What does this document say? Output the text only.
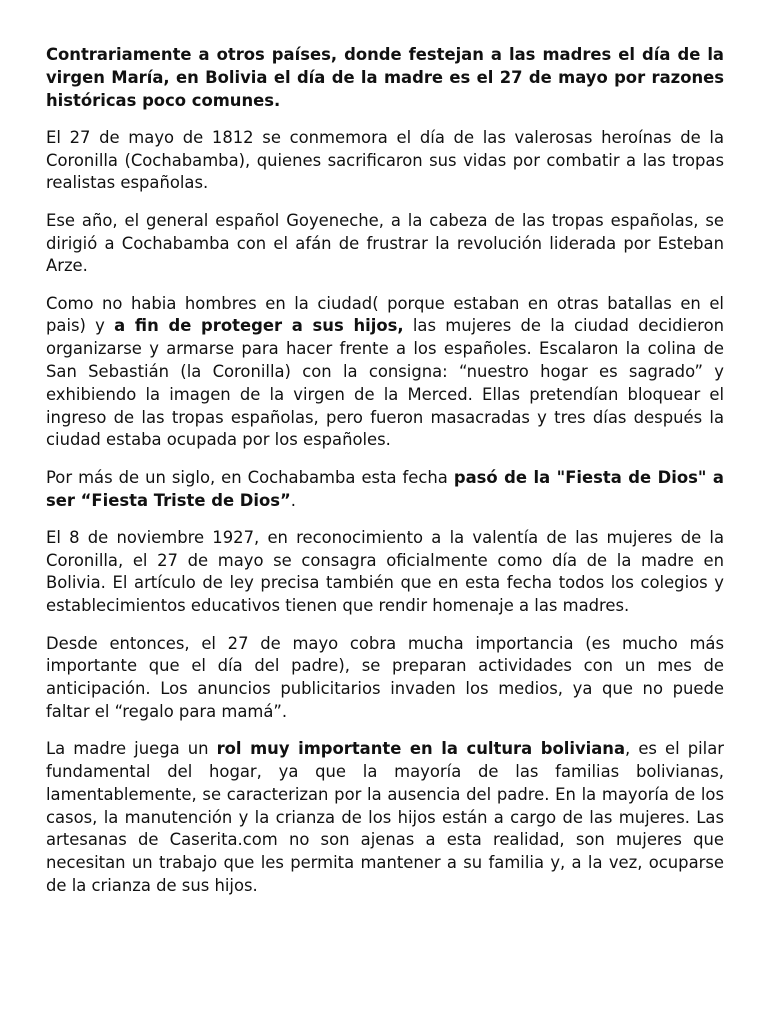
Contrariamente a otros países, donde festejan a las madres el día de la virgen María, en Bolivia el día de la madre es el 27 de mayo por razones históricas poco comunes.

El 27 de mayo de 1812 se conmemora el día de las valerosas heroínas de la Coronilla (Cochabamba), quienes sacrificaron sus vidas por combatir a las tropas realistas españolas.

Ese año, el general español Goyeneche, a la cabeza de las tropas españolas, se dirigió a Cochabamba con el afán de frustrar la revolución liderada por Esteban Arze.

Como no habia hombres en la ciudad( porque estaban en otras batallas en el pais) y a fin de proteger a sus hijos, las mujeres de la ciudad decidieron organizarse y armarse para hacer frente a los españoles. Escalaron la colina de San Sebastián (la Coronilla) con la consigna: “nuestro hogar es sagrado” y exhibiendo la imagen de la virgen de la Merced. Ellas pretendían bloquear el ingreso de las tropas españolas, pero fueron masacradas y tres días después la ciudad estaba ocupada por los españoles.

Por más de un siglo, en Cochabamba esta fecha pasó de la "Fiesta de Dios" a ser “Fiesta Triste de Dios”.

El 8 de noviembre 1927, en reconocimiento a la valentía de las mujeres de la Coronilla, el 27 de mayo se consagra oficialmente como día de la madre en Bolivia. El artículo de ley precisa también que en esta fecha todos los colegios y establecimientos educativos tienen que rendir homenaje a las madres.

Desde entonces, el 27 de mayo cobra mucha importancia (es mucho más importante que el día del padre), se preparan actividades con un mes de anticipación. Los anuncios publicitarios invaden los medios, ya que no puede faltar el “regalo para mamá”.

La madre juega un rol muy importante en la cultura boliviana, es el pilar fundamental del hogar, ya que la mayoría de las familias bolivianas, lamentablemente, se caracterizan por la ausencia del padre. En la mayoría de los casos, la manutención y la crianza de los hijos están a cargo de las mujeres. Las artesanas de Caserita.com no son ajenas a esta realidad, son mujeres que necesitan un trabajo que les permita mantener a su familia y, a la vez, ocuparse de la crianza de sus hijos.
